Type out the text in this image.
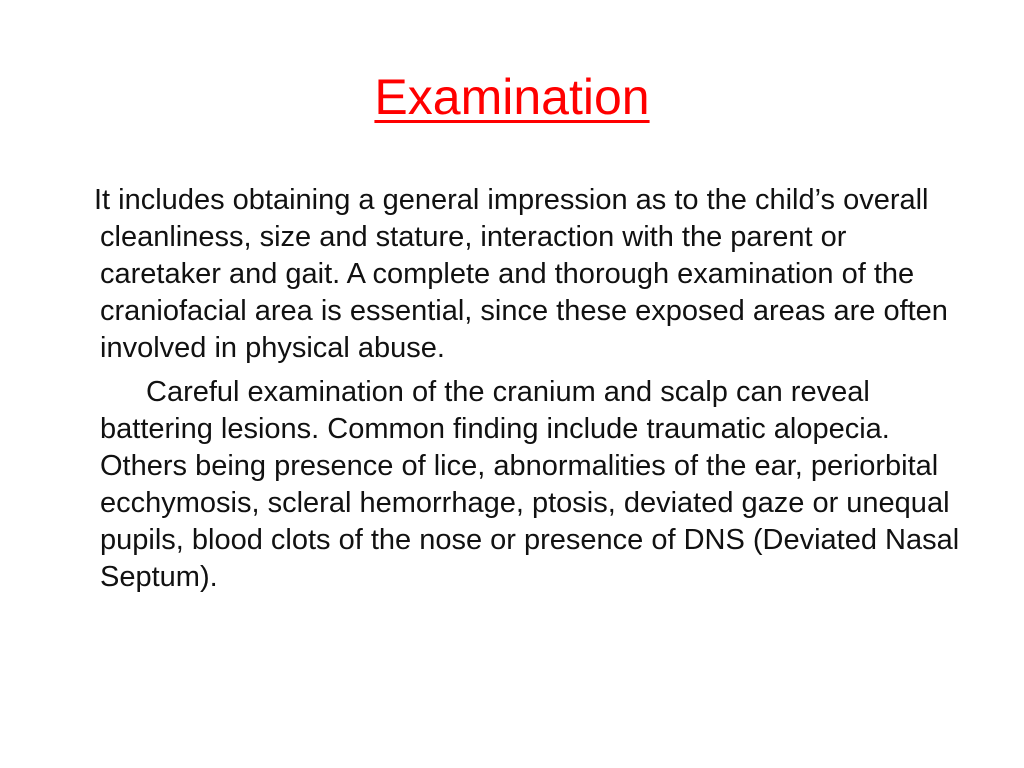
Examination

It includes obtaining a general impression as to the child’s overall cleanliness, size and stature, interaction with the parent or caretaker and gait. A complete and thorough examination of the craniofacial area is essential, since these exposed areas are often involved in physical abuse.

Careful examination of the cranium and scalp can reveal battering lesions. Common finding include traumatic alopecia. Others being presence of lice, abnormalities of the ear, periorbital ecchymosis, scleral hemorrhage, ptosis, deviated gaze or unequal pupils, blood clots of the nose or presence of DNS (Deviated Nasal Septum).
